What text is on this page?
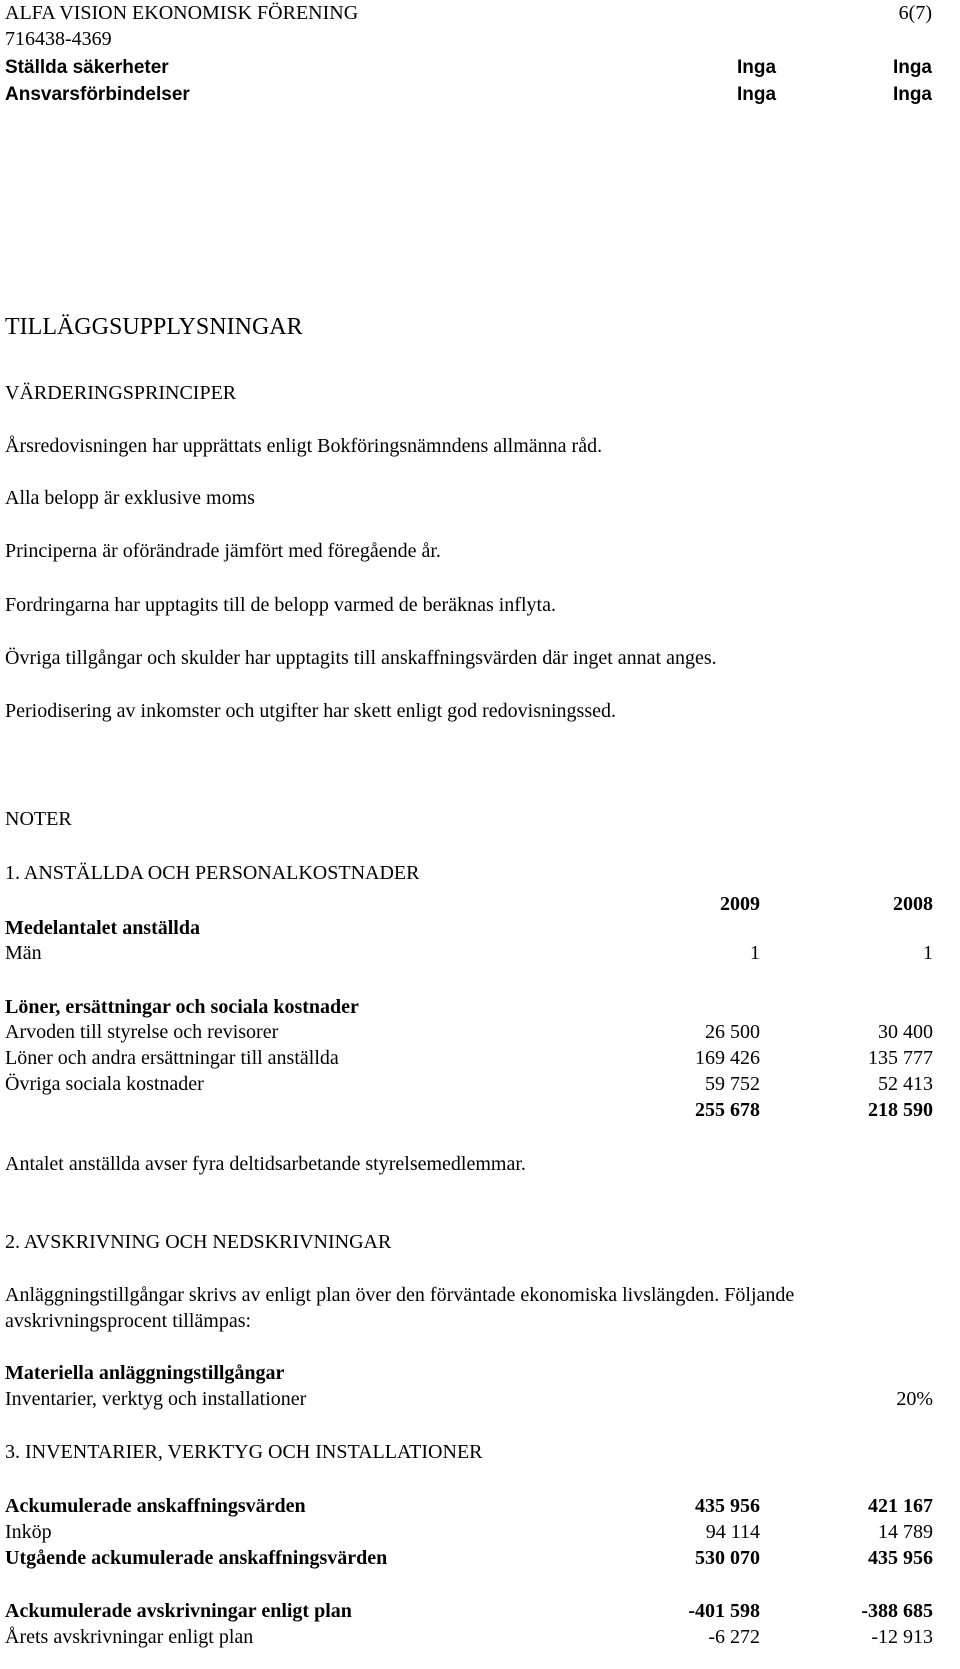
ALFA VISION EKONOMISK FÖRENING	6(7)
716438-4369
Ställda säkerheter	Inga	Inga
Ansvarsförbindelser	Inga	Inga
TILLÄGGSUPPLYSNINGAR
VÄRDERINGSPRINCIPER
Årsredovisningen har upprättats enligt Bokföringsnämndens allmänna råd.
Alla belopp är exklusive moms
Principerna är oförändrade jämfört med föregående år.
Fordringarna har upptagits till de belopp varmed de beräknas inflyta.
Övriga tillgångar och skulder har upptagits till anskaffningsvärden där inget annat anges.
Periodisering av inkomster och utgifter har skett enligt god redovisningssed.
NOTER
1. ANSTÄLLDA OCH PERSONALKOSTNADER
2009	2008
Medelantalet anställda
Män	1	1
Löner, ersättningar och sociala kostnader
Arvoden till styrelse och revisorer	26 500	30 400
Löner och andra ersättningar till anställda	169 426	135 777
Övriga sociala kostnader	59 752	52 413
255 678	218 590
Antalet anställda avser fyra deltidsarbetande styrelsemedlemmar.
2. AVSKRIVNING OCH NEDSKRIVNINGAR
Anläggningstillgångar skrivs av enligt plan över den förväntade ekonomiska livslängden. Följande
avskrivningsprocent tillämpas:
Materiella anläggningstillgångar
Inventarier, verktyg och installationer	20%
3. INVENTARIER, VERKTYG OCH INSTALLATIONER
Ackumulerade anskaffningsvärden	435 956	421 167
Inköp	94 114	14 789
Utgående ackumulerade anskaffningsvärden	530 070	435 956
Ackumulerade avskrivningar enligt plan	-401 598	-388 685
Årets avskrivningar enligt plan	-6 272	-12 913
